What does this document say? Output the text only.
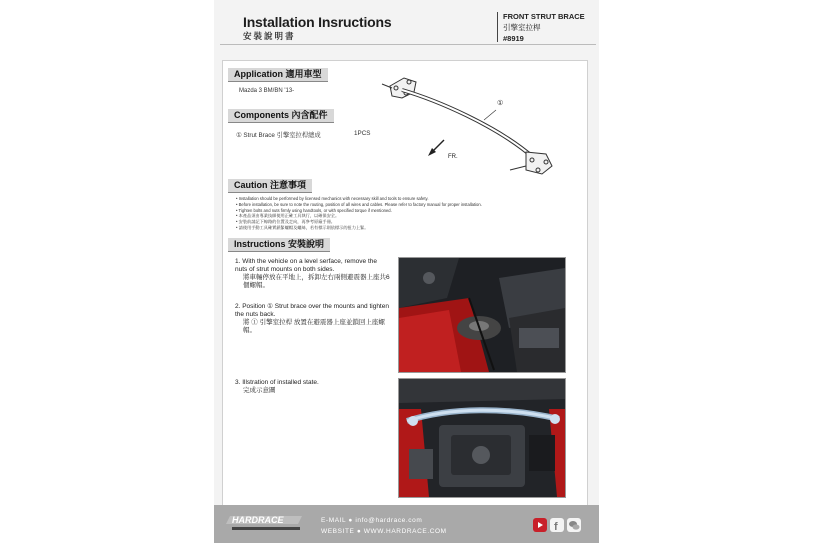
Installation Insructions
安裝說明書
FRONT STRUT BRACE
引擎室拉桿
#8919
Application 適用車型
Mazda 3 BM/BN '13-
Components 內含配件
① Strut Brace 引擎室拉桿總成	1PCS
①
FR.
Caution 注意事項
• Installation should be performed by licensed mechanics with necessary skill and tools to ensure safety.
• Before installation, be sure to note the routing, position of all wires and cables. Please refer to factory manual for proper installation.
• Tighten bolts and nuts firmly using handtools, or with specified torque if mentioned.
• 本產品須由專業技師使用正確工具執行，以確保安全。
• 安裝前請記下線路的位置及走向，再參考原廠手冊。
• 請使用手動工具確實鎖緊螺帽及螺絲，若有標示則依標示的扭力上緊。
Instructions 安裝說明
1. With the vehicle on a level serface, remove the nuts of strut mounts on both sides.
將車輛停放在平地上，拆卸左右兩側避震器上座共6個螺帽。
2. Position ① Strut brace over the mounts and tighten the nuts back.
將 ① 引擎室拉桿 放置在避震器上座並鎖回上座螺帽。
3. Illstration of installed state.
完成示意圖
HARDRACE	E-MAIL ● info@hardrace.com
WEBSITE ● WWW.HARDRACE.COM	f
